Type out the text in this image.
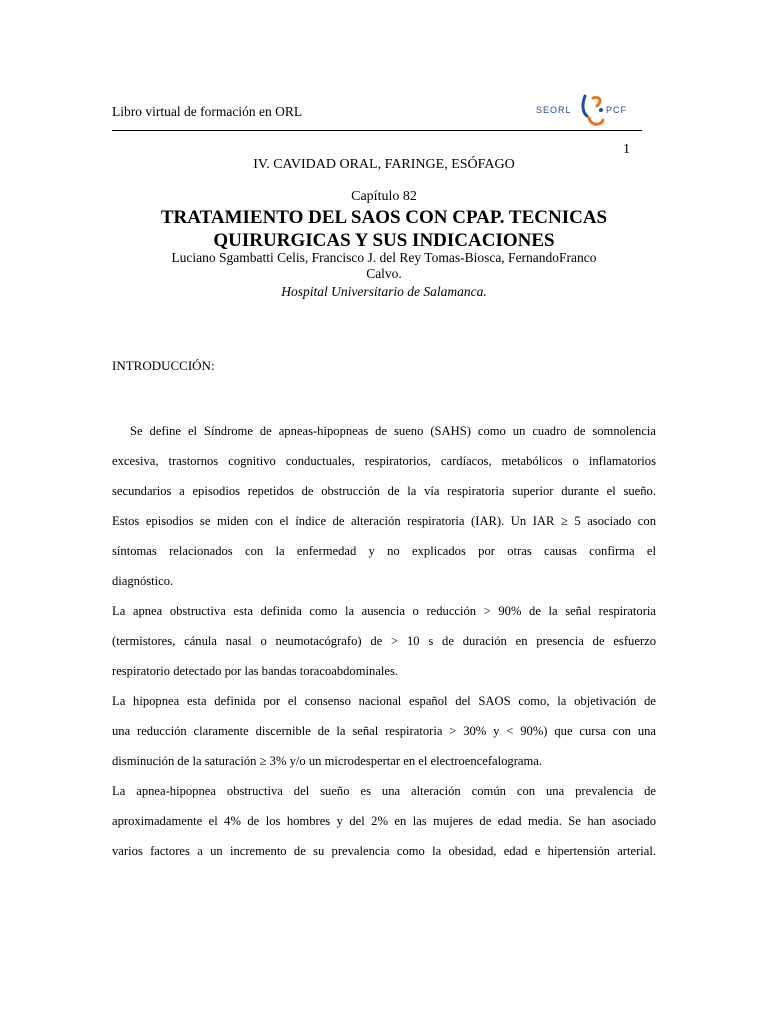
Libro virtual de formación en ORL	SEORL	PCF
1
IV. CAVIDAD ORAL, FARINGE, ESÓFAGO
Capítulo 82
TRATAMIENTO DEL SAOS CON CPAP. TECNICAS
QUIRURGICAS Y SUS INDICACIONES
Luciano Sgambatti Celis, Francisco J. del Rey Tomas-Biosca, FernandoFranco
Calvo.
Hospital Universitario de Salamanca.
INTRODUCCIÓN:
Se define el Síndrome de apneas-hipopneas de sueno (SAHS) como un cuadro de somnolencia
excesiva, trastornos cognitivo conductuales, respiratorios, cardíacos, metabólicos o inflamatorios
secundarios a episodios repetidos de obstrucción de la vía respiratoria superior durante el sueño.
Estos episodios se miden con el índice de alteración respiratoria (IAR). Un IAR ≥ 5 asociado con
síntomas relacionados con la enfermedad y no explicados por otras causas confirma el
diagnóstico.
La apnea obstructiva esta definida como la ausencia o reducción > 90% de la señal respiratoria
(termistores, cánula nasal o neumotacógrafo) de > 10 s de duración en presencia de esfuerzo
respiratorio detectado por las bandas toracoabdominales.
La hipopnea esta definida por el consenso nacional español del SAOS como, la objetivación de
una reducción claramente discernible de la señal respiratoria > 30% y < 90%) que cursa con una
disminución de la saturación ≥ 3% y/o un microdespertar en el electroencefalograma.
La apnea-hipopnea obstructiva del sueño es una alteración común con una prevalencia de
aproximadamente el 4% de los hombres y del 2% en las mujeres de edad media. Se han asociado
varios factores a un incremento de su prevalencia como la obesidad, edad e hipertensión arterial.
